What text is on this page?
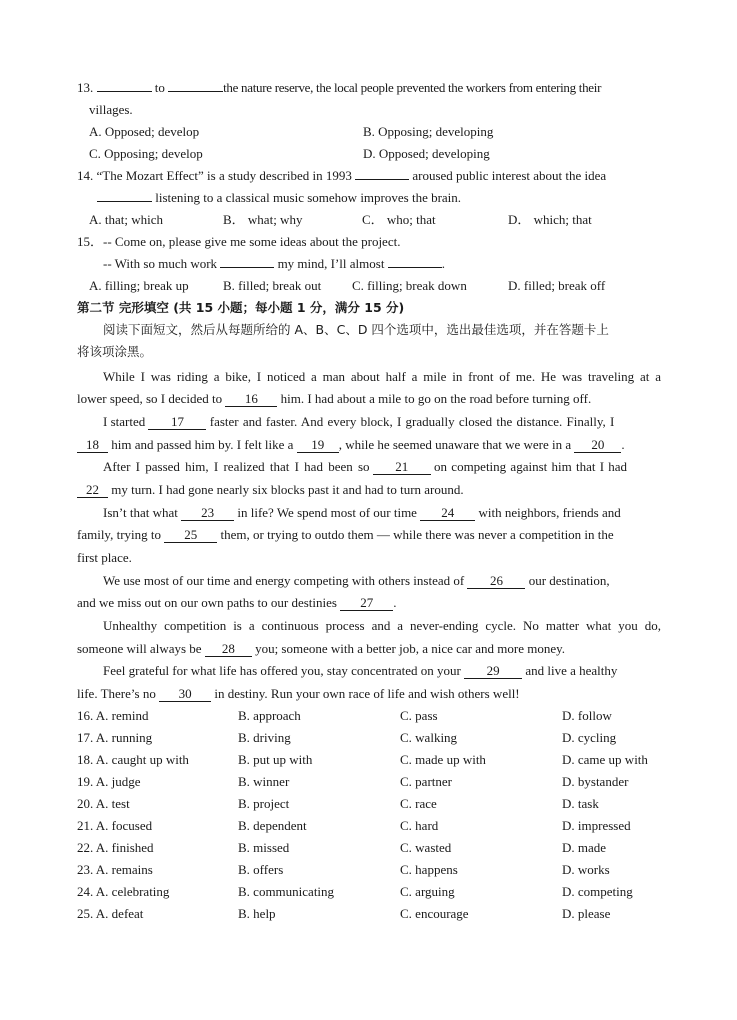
13.	to	the nature reserve, the local people prevented the workers from entering their
villages.
A. Opposed; develop	B. Opposing; developing
C. Opposing; develop	D. Opposed; developing
14. “The Mozart Effect” is a study described in 1993	aroused public interest about the idea
listening to a classical music somehow improves the brain.
A. that; which	B． what; why	C． who; that	D． which; that
15．-- Come on, please give me some ideas about the project.
-- With so much work	my mind, I’ll almost	.
A. filling; break up	B. filled; break out C. filling; break down	D. filled; break off
第二节 完形填空 (共 15 小题；每小题 1 分，满分 15 分)
阅读下面短文，然后从每题所给的 A、B、C、D 四个选项中，选出最佳选项，并在答题卡上
将该项涂黑。
While I was riding a bike, I noticed a man about half a mile in front of me. He was traveling at a
lower speed, so I decided to 16 him. I had about a mile to go on the road before turning off.
I started 17 faster and faster. And every block, I gradually closed the distance. Finally, I
18 him and passed him by. I felt like a 19 , while he seemed unaware that we were in a 20 .
After I passed him, I realized that I had been so 21 on competing against him that I had
22 my turn. I had gone nearly six blocks past it and had to turn around.
Isn’t that what 23 in life? We spend most of our time 24 with neighbors, friends and
family, trying to 25 them, or trying to outdo them — while there was never a competition in the
first place.
We use most of our time and energy competing with others instead of 26 our destination,
and we miss out on our own paths to our destinies 27 .
Unhealthy competition is a continuous process and a never-ending cycle. No matter what you do,
someone will always be 28 you; someone with a better job, a nice car and more money.
Feel grateful for what life has offered you, stay concentrated on your 29 and live a healthy
life. There’s no 30 in destiny. Run your own race of life and wish others well!
16. A. remind	B. approach	C. pass	D. follow
17. A. running	B. driving	C. walking	D. cycling
18. A. caught up with	B. put up with	C. made up with	D. came up with
19. A. judge	B. winner	C. partner	D. bystander
20. A. test	B. project	C. race	D. task
21. A. focused	B. dependent	C. hard	D. impressed
22. A. finished	B. missed	C. wasted	D. made
23. A. remains	B. offers	C. happens	D. works
24. A. celebrating	B. communicating	C. arguing	D. competing
25. A. defeat	B. help	C. encourage	D. please
